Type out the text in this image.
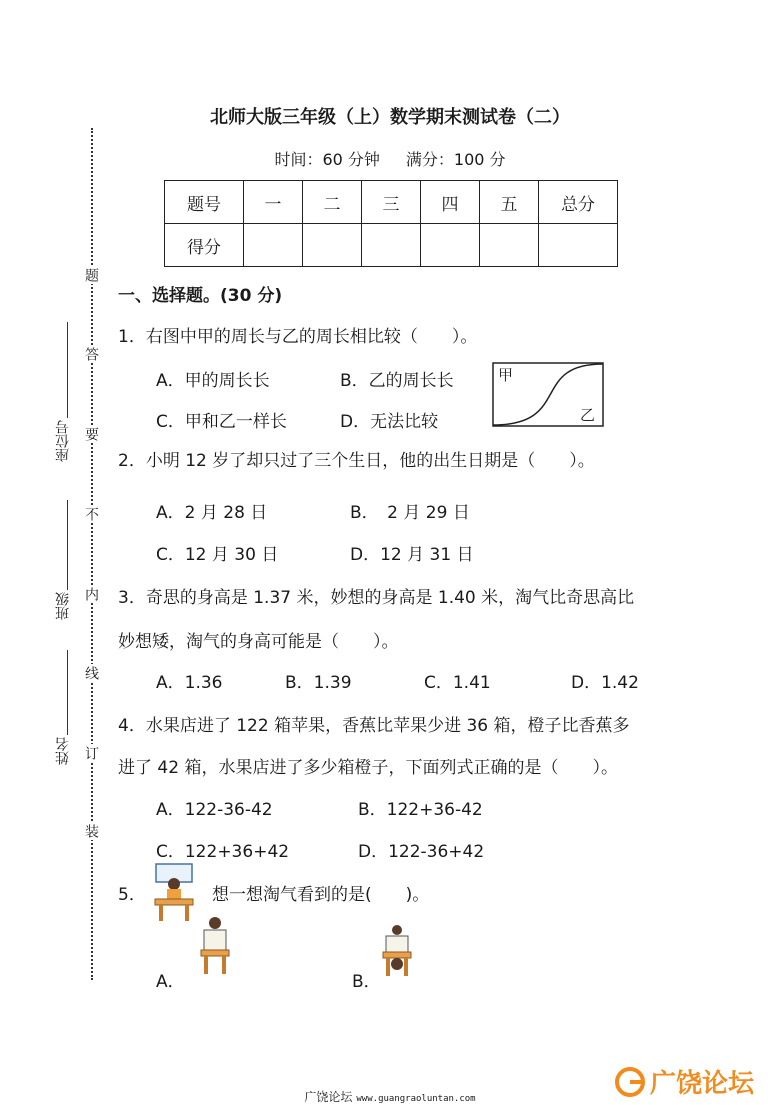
北师大版三年级（上）数学期末测试卷（二）
时间：60 分钟 满分：100 分
题号	一	二	三	四	五	总分
得分						
题
答
要
不
内
线
订
装
座位号
班级
姓名
一、选择题。(30 分)
1．右图中甲的周长与乙的周长相比较（　　）。
A．甲的周长长	B．乙的周长长
C．甲和乙一样长	D．无法比较
甲
乙
2．小明 12 岁了却只过了三个生日，他的出生日期是（　　）。
A．2 月 28 日	B．　2 月 29 日
C．12 月 30 日	D．12 月 31 日
3．奇思的身高是 1.37 米，妙想的身高是 1.40 米，淘气比奇思高比
妙想矮，淘气的身高可能是（　　）。
A．1.36	B．1.39	C．1.41	D．1.42
4．水果店进了 122 箱苹果，香蕉比苹果少进 36 箱，橙子比香蕉多
进了 42 箱，水果店进了多少箱橙子，下面列式正确的是（　　）。
A．122-36-42	B．122+36-42
C．122+36+42	D．122-36+42
5．	想一想淘气看到的是(　　)。
A．	B．
广饶论坛 www.guangraoluntan.com	广饶论坛
